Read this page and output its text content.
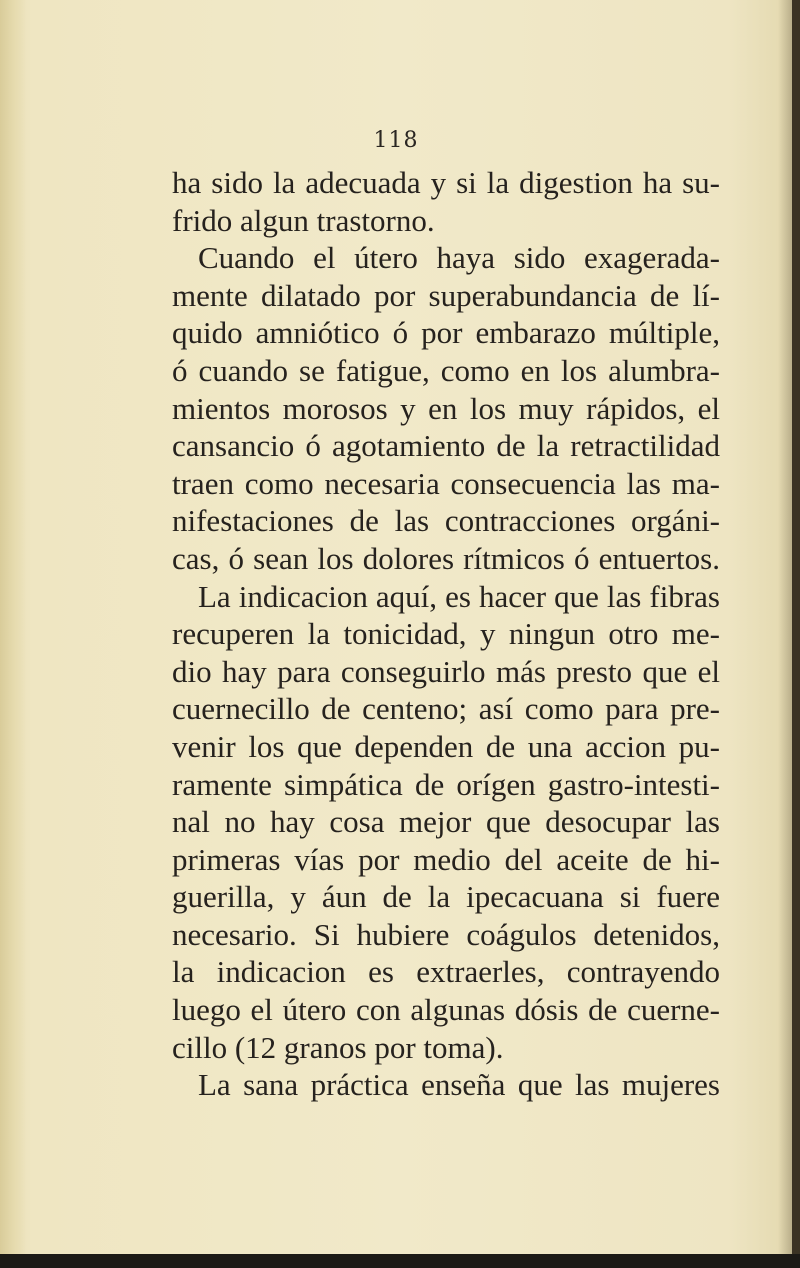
118
ha sido la adecuada y si la digestion ha su-
frido algun trastorno.
Cuando el útero haya sido exagerada-
mente dilatado por superabundancia de lí-
quido amniótico ó por embarazo múltiple,
ó cuando se fatigue, como en los alumbra-
mientos morosos y en los muy rápidos, el
cansancio ó agotamiento de la retractilidad
traen como necesaria consecuencia las ma-
nifestaciones de las contracciones orgáni-
cas, ó sean los dolores rítmicos ó entuertos.
La indicacion aquí, es hacer que las fibras
recuperen la tonicidad, y ningun otro me-
dio hay para conseguirlo más presto que el
cuernecillo de centeno; así como para pre-
venir los que dependen de una accion pu-
ramente simpática de orígen gastro-intesti-
nal no hay cosa mejor que desocupar las
primeras vías por medio del aceite de hi-
guerilla, y áun de la ipecacuana si fuere
necesario. Si hubiere coágulos detenidos,
la indicacion es extraerles, contrayendo
luego el útero con algunas dósis de cuerne-
cillo (12 granos por toma).
La sana práctica enseña que las mujeres
